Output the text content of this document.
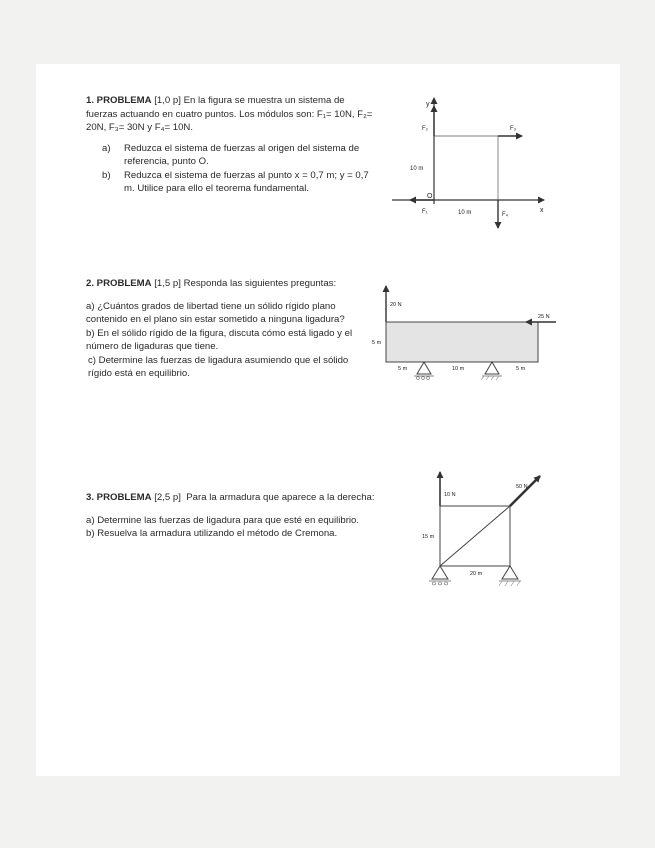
1. PROBLEMA [1,0 p] En la figura se muestra un sistema de fuerzas actuando en cuatro puntos. Los módulos son: F₁= 10N, F₂= 20N, F₃= 30N y F₄= 10N.
a) Reduzca el sistema de fuerzas al origen del sistema de referencia, punto O.
b) Reduzca el sistema de fuerzas al punto x = 0,7 m; y = 0,7 m. Utilice para ello el teorema fundamental.
y
x
O
F₂	F₃
F₁	F₄
10 m
10 m
2. PROBLEMA [1,5 p] Responda las siguientes preguntas:
a) ¿Cuántos grados de libertad tiene un sólido rígido plano contenido en el plano sin estar sometido a ninguna ligadura?
b) En el sólido rígido de la figura, discuta cómo está ligado y el número de ligaduras que tiene.
c) Determine las fuerzas de ligadura asumiendo que el sólido rígido está en equilibrio.
20 N
25 N
5 m
5 m	10 m	5 m
3. PROBLEMA [2,5 p] Para la armadura que aparece a la derecha:
a) Determine las fuerzas de ligadura para que esté en equilibrio.
b) Resuelva la armadura utilizando el método de Cremona.
10 N
50 N
15 m
20 m
